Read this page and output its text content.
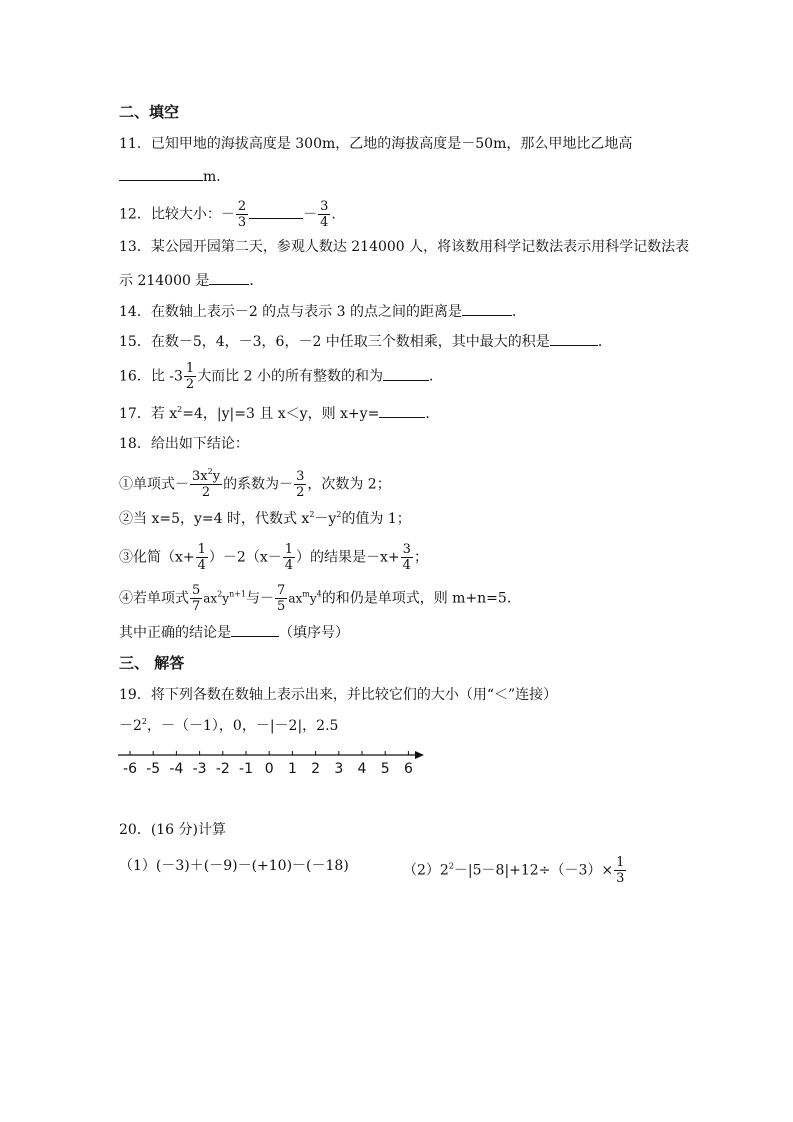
二、填空
11．已知甲地的海拔高度是 300m，乙地的海拔高度是－50m，那么甲地比乙地高
m．
12．比较大小：－ $\frac{2}{3}$	－ $\frac{3}{4}$ .
13．某公园开园第二天，参观人数达 214000 人，将该数用科学记数法表示用科学记数法表
示 214000 是	．
14．在数轴上表示－2 的点与表示 3 的点之间的距离是	．
15．在数－5，4，－3，6，－2 中任取三个数相乘，其中最大的积是	．
16．比 $-3 \frac{1}{2}$ 大而比 2 小的所有整数的和为	．
17．若 $x^2=4$，|y|=3 且 x＜y，则 x+y=	．
18．给出如下结论：
①单项式－ $\frac{3x^2y}{2}$ 的系数为－ $\frac{3}{2}$ ，次数为 2；
②当 x=5，y=4 时，代数式 $x^2-y^2$的值为 1；
③化简$(x+ \frac{1}{4} )-2(x- \frac{1}{4}$ ）的结果是$-x+ \frac{3}{4}$ ；
④若单项式 $\frac{5}{7} ax^2y^{n+1}$与－ $\frac{7}{5} ax^my^4$的和仍是单项式，则 m+n=5．
其中正确的结论是	（填序号）
三、 解答
19．将下列各数在数轴上表示出来，并比较它们的大小（用“＜”连接）
$-2^2$，－（－1），0，－|－2|，2.5
-6 -5 -4 -3 -2 -1 0 1 2 3 4 5 6
20．(16 分)计算
（1）(－3)＋(－9)－(+10)－(－18)	$(2)2^2-|5-8|+12\div(-3)\times \frac{1}{3}$
